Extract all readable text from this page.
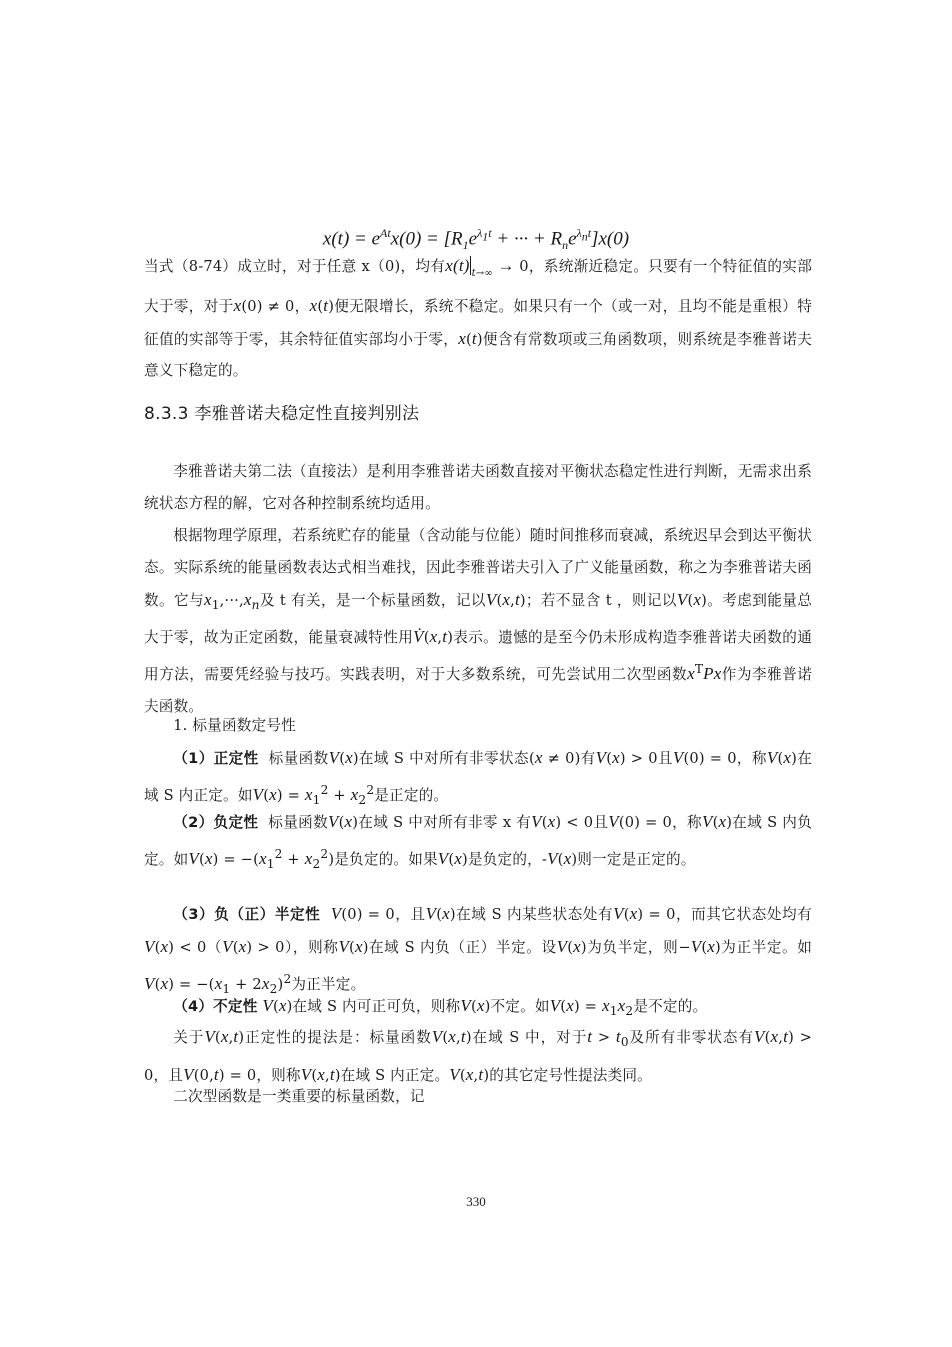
$x(t) = e^{At}x(0) = [R_1e^{\lambda_1t}$ + ··· + $R_ne^{\lambda_nt}]x(0)$
当式（8-74）成立时，对于任意 x（0)，均有x(t) $_{t\to\infty}$ → 0，系统渐近稳定。只要有一个特征值的实部大于零，对于x(0) ≠ 0，x(t)便无限增长，系统不稳定。如果只有一个（或一对，且均不能是重根）特征值的实部等于零，其余特征值实部均小于零，x(t)便含有常数项或三角函数项，则系统是李雅普诺夫意义下稳定的。
8.3.3 李雅普诺夫稳定性直接判别法
李雅普诺夫第二法（直接法）是利用李雅普诺夫函数直接对平衡状态稳定性进行判断，无需求出系统状态方程的解，它对各种控制系统均适用。
根据物理学原理，若系统贮存的能量（含动能与位能）随时间推移而衰减，系统迟早会到达平衡状态。实际系统的能量函数表达式相当难找，因此李雅普诺夫引入了广义能量函数，称之为李雅普诺夫函数。它与$x_1,\cdot\cdot\cdot,x_n$及 t 有关，是一个标量函数，记以V(x,t)；若不显含 t ，则记以V(x)。考虑到能量总大于零，故为正定函数，能量衰减特性用V̇(x,t)表示。遗憾的是至今仍未形成构造李雅普诺夫函数的通用方法，需要凭经验与技巧。实践表明，对于大多数系统，可先尝试用二次型函数$x^TPx$作为李雅普诺夫函数。
1. 标量函数定号性
（1）正定性 标量函数V(x)在域 S 中对所有非零状态(x ≠ 0)有V(x) > 0且V(0) = 0，称V(x)在域 S 内正定。如$V(x) = x_1^2 + x_2^2$是正定的。
（2）负定性 标量函数V(x)在域 S 中对所有非零 x 有V(x) < 0且V(0) = 0，称V(x)在域 S 内负定。如$V(x) = -(x_1^2 + x_2^2)$是负定的。如果V(x)是负定的，-V(x)则一定是正定的。
（3）负（正）半定性 V(0) = 0，且V(x)在域 S 内某些状态处有V(x) = 0，而其它状态处均有V(x) < 0（V(x) > 0），则称V(x)在域 S 内负（正）半定。设V(x)为负半定，则−V(x)为正半定。如$V(x) = -(x_1 + 2x_2)^2$为正半定。
（4）不定性 V(x)在域 S 内可正可负，则称V(x)不定。如$V(x) = x_1x_2$是不定的。
关于V(x,t)正定性的提法是：标量函数V(x,t)在域 S 中，对于$t > t_0$及所有非零状态有V(x,t) > 0，且V(0,t) = 0，则称V(x,t)在域 S 内正定。V(x,t)的其它定号性提法类同。
二次型函数是一类重要的标量函数，记
330
